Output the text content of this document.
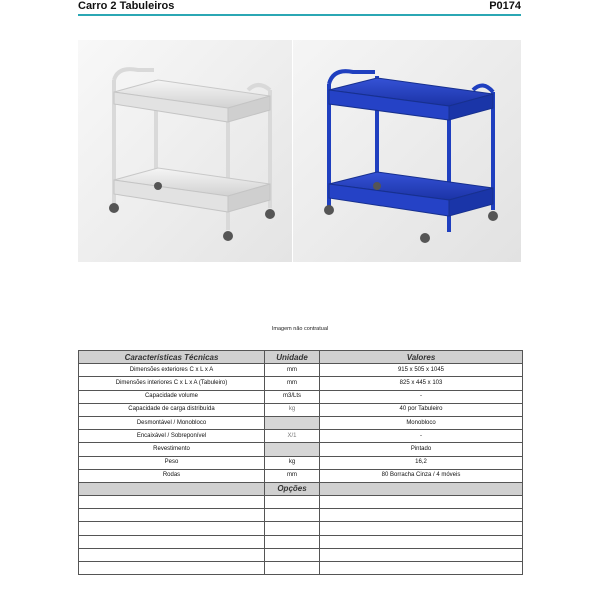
Carro 2 Tabuleiros	P0174
Imagem não contratual
Características Técnicas	Unidade	Valores
Dimensões exteriores C x L x A	mm	915 x 505 x 1045
Dimensões interiores C x L x A (Tabuleiro)	mm	825 x 445 x 103
Capacidade volume	m3/Lts	-
Capacidade de carga distribuída	kg	40 por Tabuleiro
Desmontável / Monobloco		Monobloco
Encaixável / Sobreponível	X/1	-
Revestimento		Pintado
Peso	kg	16,2
Rodas	mm	80 Borracha Cinza / 4 móveis
	Opções	
